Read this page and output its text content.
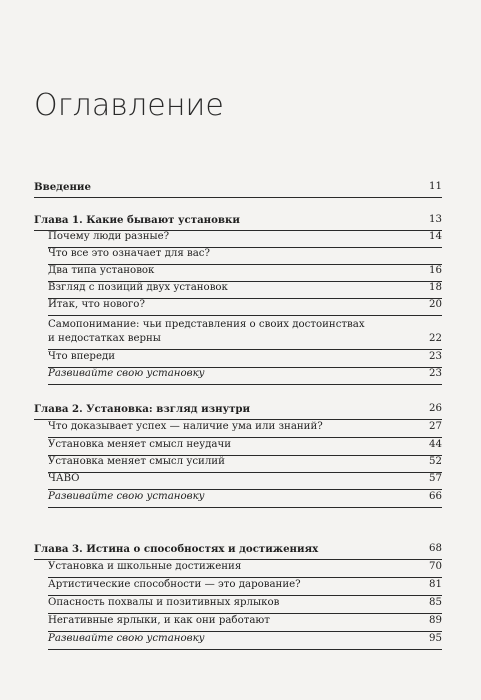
Оглавление
Введение	11
Глава 1. Какие бывают установки	13
Почему люди разные?	14
Что все это означает для вас?
Два типа установок	16
Взгляд с позиций двух установок	18
Итак, что нового?	20
Самопонимание: чьи представления о своих достоинствах и недостатках верны	22
Что впереди	23
Развивайте свою установку	23
Глава 2. Установка: взгляд изнутри	26
Что доказывает успех — наличие ума или знаний?	27
Установка меняет смысл неудачи	44
Установка меняет смысл усилий	52
ЧАВО	57
Развивайте свою установку	66
Глава 3. Истина о способностях и достижениях	68
Установка и школьные достижения	70
Артистические способности — это дарование?	81
Опасность похвалы и позитивных ярлыков	85
Негативные ярлыки, и как они работают	89
Развивайте свою установку	95
